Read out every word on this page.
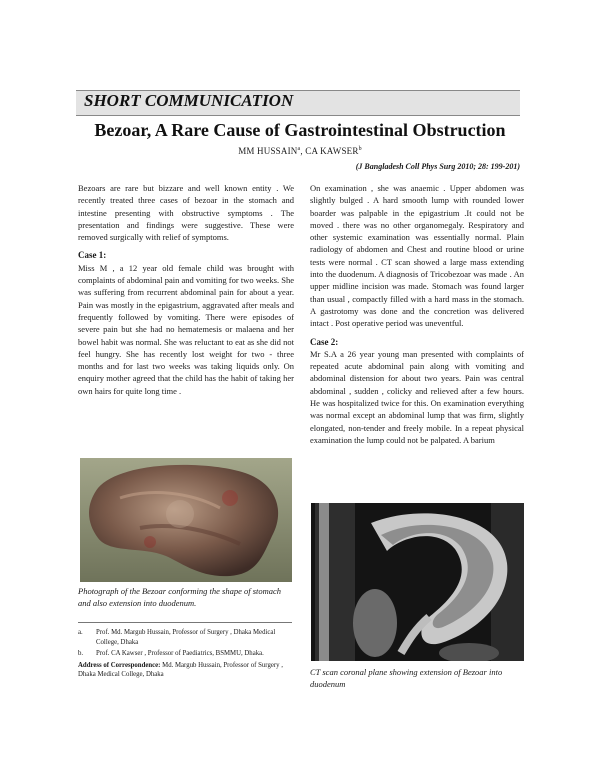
SHORT COMMUNICATION
Bezoar, A Rare Cause of Gastrointestinal Obstruction
MM HUSSAIN$^a$, CA KAWSER$^b$
(J Bangladesh Coll Phys Surg 2010; 28: 199-201)

Bezoars are rare but bizzare and well known entity . We recently treated three cases of bezoar in the stomach and intestine presenting with obstructive symptoms . The presentation and findings were suggestive. These were removed surgically with relief of symptoms.

Case 1:

Miss M , a 12 year old female child was brought with complaints of abdominal pain and vomiting for two weeks. She was suffering from recurrent abdominal pain for about a year. Pain was mostly in the epigastrium, aggravated after meals and frequently followed by vomiting. There were episodes of severe pain but she had no hematemesis or malaena and her bowel habit was normal. She was reluctant to eat as she did not feel hungry. She has recently lost weight for two - three months and for last two weeks was taking liquids only. On enquiry mother agreed that the child has the habit of taking her own hairs for quite long time .

On examination , she was anaemic . Upper abdomen was slightly bulged . A hard smooth lump with rounded lower boarder was palpable in the epigastrium .It could not be moved . there was no other organomegaly. Respiratory and other systemic examination was essentially normal. Plain radiology of abdomen and Chest and routine blood or urine tests were normal . CT scan showed a large mass extending into the duodenum. A diagnosis of Tricobezoar was made . An upper midline incision was made. Stomach was found larger than usual , compactly filled with a hard mass in the stomach. A gastrotomy was done and the concretion was delivered intact . Post operative period was uneventful.

Case 2:

Mr S.A a 26 year young man presented with complaints of repeated acute abdominal pain along with vomiting and abdominal distension for about two years. Pain was central abdominal , sudden , colicky and relieved after a few hours. He was hospitalized twice for this. On examination everything was normal except an abdominal lump that was firm, slightly elongated, non-tender and freely mobile. In a repeat physical examination the lump could not be palpated. A barium

Photograph of the Bezoar conforming the shape of stomach and also extension into duodenum.
a.	Prof. Md. Margub Hussain, Professor of Surgery , Dhaka Medical College, Dhaka
b.	Prof. CA Kawser , Professor of Paediatrics, BSMMU, Dhaka.
Address of Correspondence: Md. Margub Hussain, Professor of Surgery , Dhaka Medical College, Dhaka	CT scan coronal plane showing extension of Bezoar into duodenum
